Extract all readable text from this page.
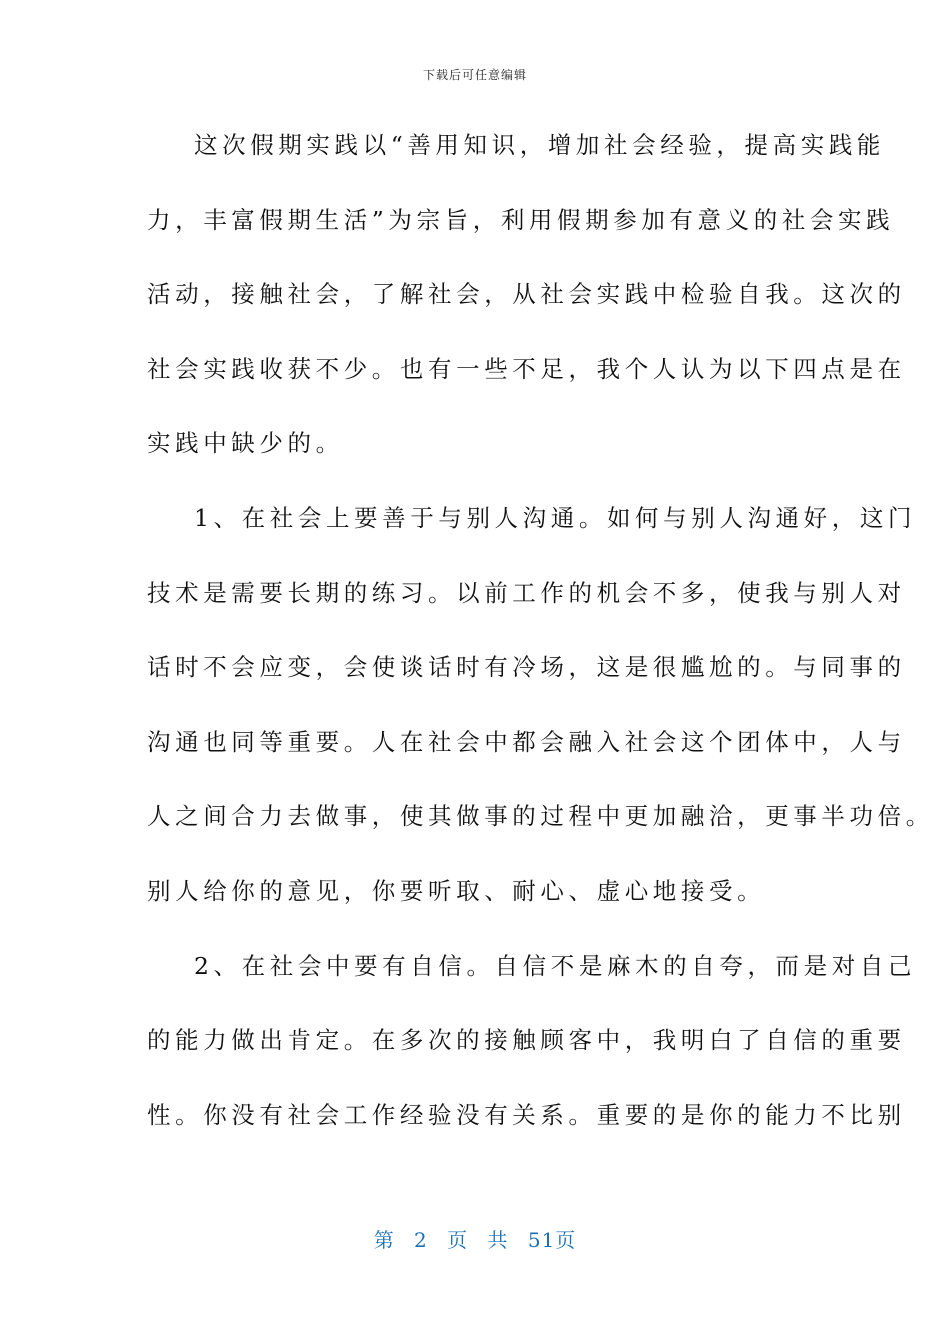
下载后可任意编辑
这次假期实践以“善用知识，增加社会经验，提高实践能
力，丰富假期生活”为宗旨，利用假期参加有意义的社会实践
活动，接触社会，了解社会，从社会实践中检验自我。这次的
社会实践收获不少。也有一些不足，我个人认为以下四点是在
实践中缺少的。
1、在社会上要善于与别人沟通。如何与别人沟通好，这门
技术是需要长期的练习。以前工作的机会不多，使我与别人对
话时不会应变，会使谈话时有冷场，这是很尴尬的。与同事的
沟通也同等重要。人在社会中都会融入社会这个团体中，人与
人之间合力去做事，使其做事的过程中更加融洽，更事半功倍。
别人给你的意见，你要听取、耐心、虚心地接受。
2、在社会中要有自信。自信不是麻木的自夸，而是对自己
的能力做出肯定。在多次的接触顾客中，我明白了自信的重要
性。你没有社会工作经验没有关系。重要的是你的能力不比别
第 2 页 共 51页
